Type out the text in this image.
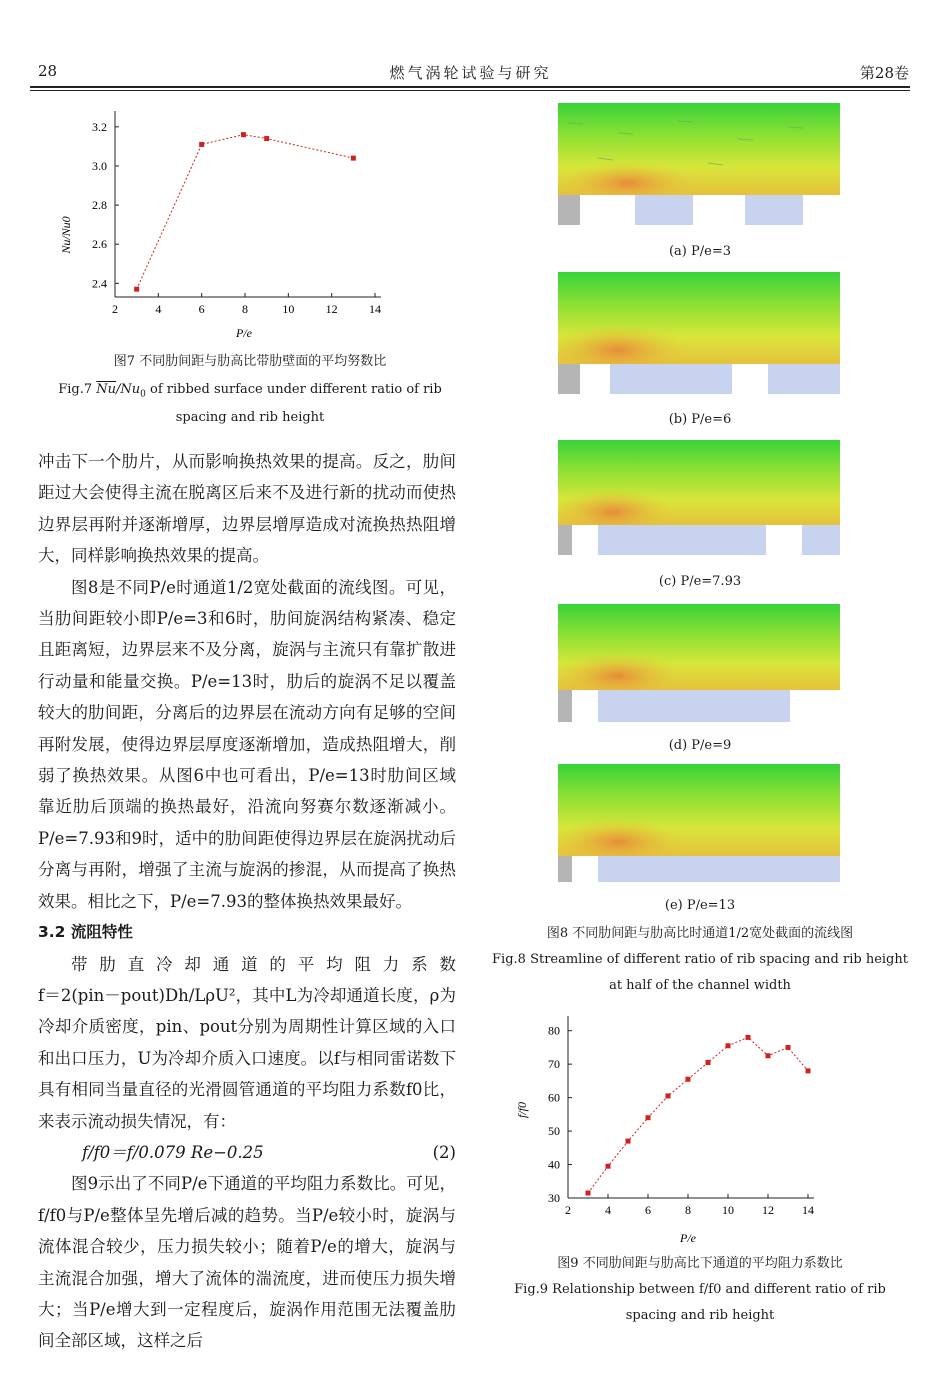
28	燃气涡轮试验与研究	第28卷
2	4	6	8	10	12	14
2.4
2.6
2.8
3.0
3.2
Nu/Nu0
P/e
图7 不同肋间距与肋高比带肋壁面的平均努数比
Fig.7 $\overline{Nu}/Nu_0$ of ribbed surface under different ratio of rib
spacing and rib height

冲击下一个肋片，从而影响换热效果的提高。反之，肋间距过大会使得主流在脱离区后来不及进行新的扰动而使热边界层再附并逐渐增厚，边界层增厚造成对流换热热阻增大，同样影响换热效果的提高。

图8是不同P/e时通道1/2宽处截面的流线图。可见，当肋间距较小即P/e=3和6时，肋间旋涡结构紧凑、稳定且距离短，边界层来不及分离，旋涡与主流只有靠扩散进行动量和能量交换。P/e=13时，肋后的旋涡不足以覆盖较大的肋间距，分离后的边界层在流动方向有足够的空间再附发展，使得边界层厚度逐渐增加，造成热阻增大，削弱了换热效果。从图6中也可看出，P/e=13时肋间区域靠近肋后顶端的换热最好，沿流向努赛尔数逐渐减小。P/e=7.93和9时，适中的肋间距使得边界层在旋涡扰动后分离与再附，增强了主流与旋涡的掺混，从而提高了换热效果。相比之下，P/e=7.93的整体换热效果最好。

3.2 流阻特性

带 肋 直 冷 却 通 道 的 平 均 阻 力 系 数

f＝2(pin－pout)Dh/LρU²，其中L为冷却通道长度，ρ为冷却介质密度，pin、pout分别为周期性计算区域的入口和出口压力，U为冷却介质入口速度。以f与相同雷诺数下具有相同当量直径的光滑圆管通道的平均阻力系数f0比，来表示流动损失情况，有：

f/f0＝f/0.079 Re−0.25	(2)

图9示出了不同P/e下通道的平均阻力系数比。可见，f/f0与P/e整体呈先增后减的趋势。当P/e较小时，旋涡与流体混合较少，压力损失较小；随着P/e的增大，旋涡与主流混合加强，增大了流体的湍流度，进而使压力损失增大；当P/e增大到一定程度后，旋涡作用范围无法覆盖肋间全部区域，这样之后

(a) P/e=3
(b) P/e=6
(c) P/e=7.93
(d) P/e=9
(e) P/e=13
图8 不同肋间距与肋高比时通道1/2宽处截面的流线图
Fig.8 Streamline of different ratio of rib spacing and rib height
at half of the channel width
2	4	6	8	10 12 14
30
40
50
60
70
80
f/f0
P/e
图9 不同肋间距与肋高比下通道的平均阻力系数比
Fig.9 Relationship between f/f0 and different ratio of rib
spacing and rib height
